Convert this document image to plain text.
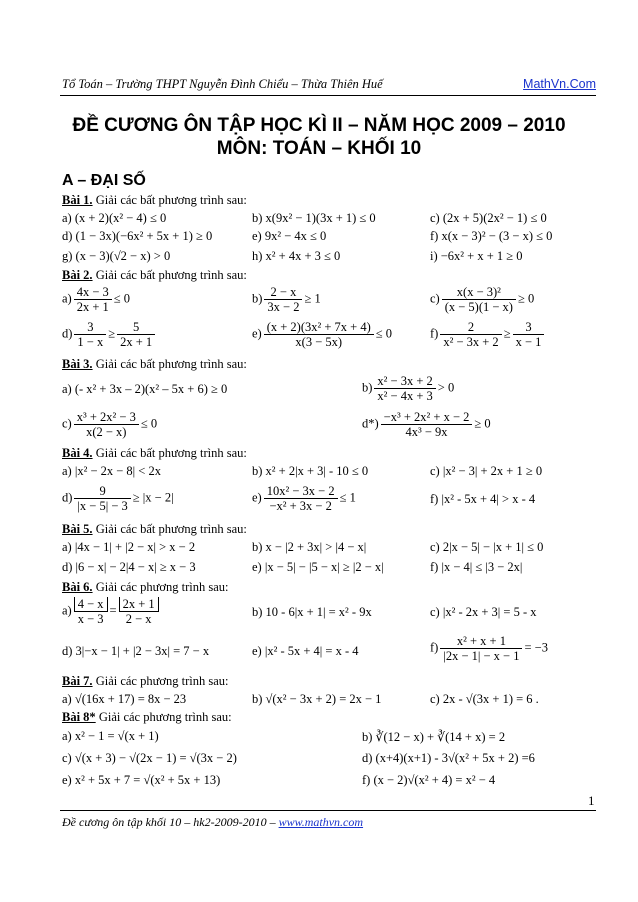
Tổ Toán – Trường THPT Nguyễn Đình Chiểu – Thừa Thiên Huế	MathVn.Com
ĐỀ CƯƠNG ÔN TẬP HỌC KÌ II – NĂM HỌC 2009 – 2010
MÔN: TOÁN – KHỐI 10
A – ĐẠI SỐ
Bài 1. Giải các bất phương trình sau:
a) (x + 2)(x² − 4) ≤ 0	b) x(9x² − 1)(3x + 1) ≤ 0	c) (2x + 5)(2x² − 1) ≤ 0
d) (1 − 3x)(−6x² + 5x + 1) ≥ 0	e) 9x² − 4x ≤ 0	f) x(x − 3)² − (3 − x) ≤ 0
g) (x − 3)(√2 − x) > 0	h) x² + 4x + 3 ≤ 0	i) −6x² + x + 1 ≥ 0
Bài 2. Giải các bất phương trình sau:
$a) \frac{4x - 3}{2x + 1} \le 0$	$b) \frac{2 - x}{3x - 2} \ge 1$	$c) \frac{\text{x(x − 3)²}}{(x - 5)(1 - x)} \ge 0$
$d) \frac{3}{1 - x} \ge \frac{5}{2x + 1}$	$e) \frac{\text{(x + 2)(3x² + 7x + 4)}}{x(3 - 5x)} \le 0$	$f) \frac{2}{\text{x² − 3x + 2}} \ge \frac{3}{x - 1}$
Bài 3. Giải các bất phương trình sau:
a) (- x² + 3x – 2)(x² – 5x + 6) ≥ 0	$b) \frac{\text{x² − 3x + 2}}{\text{x² − 4x + 3}} > 0$
$c) \frac{\text{x³ + 2x² − 3}}{x(2 - x)} \le 0$	$d*) \frac{\text{−x³ + 2x² + x − 2}}{\text{4x³ − 9x}} \ge 0$
Bài 4. Giải các bất phương trình sau:
a) |x² − 2x − 8| < 2x	b) x² + 2|x + 3| - 10 ≤ 0	c) |x² − 3| + 2x + 1 ≥ 0
$d) \frac{9}{|x - 5| - 3} \ge |x - 2|$	$e) \frac{\text{10x² − 3x − 2}}{\text{−x² + 3x − 2}} \le 1$	f) |x² - 5x + 4| > x - 4
Bài 5. Giải các bất phương trình sau:
a) |4x − 1| + |2 − x| > x − 2	b) x − |2 + 3x| > |4 − x|	c) 2|x − 5| − |x + 1| ≤ 0
d) |6 − x| − 2|4 − x| ≥ x − 3	e) |x − 5| − |5 − x| ≥ |2 − x|	f) |x − 4| ≤ |3 − 2x|
Bài 6. Giải các phương trình sau:
$a) \frac{4 - x}{x - 3} = \frac{2x + 1}{2 - x}$	b) 10 - 6|x + 1| = x² - 9x	c) |x² - 2x + 3| = 5 - x
d) 3|−x − 1| + |2 − 3x| = 7 − x	e) |x² - 5x + 4| = x - 4	$f) \frac{\text{x² + x + 1}}{|2x - 1| - x - 1} = -3$
Bài 7. Giải các phương trình sau:
a) √(16x + 17) = 8x − 23	b) √(x² − 3x + 2) = 2x − 1	c) 2x - √(3x + 1) = 6 .
Bài 8* Giải các phương trình sau:
a) x² − 1 = √(x + 1)	b) ∛(12 − x) + ∛(14 + x) = 2
c) √(x + 3) − √(2x − 1) = √(3x − 2)	d) (x+4)(x+1) - 3√(x² + 5x + 2) =6
e) x² + 5x + 7 = √(x² + 5x + 13)	f) (x − 2)√(x² + 4) = x² − 4
1
Đề cương ôn tập khối 10 – hk2-2009-2010 – www.mathvn.com
